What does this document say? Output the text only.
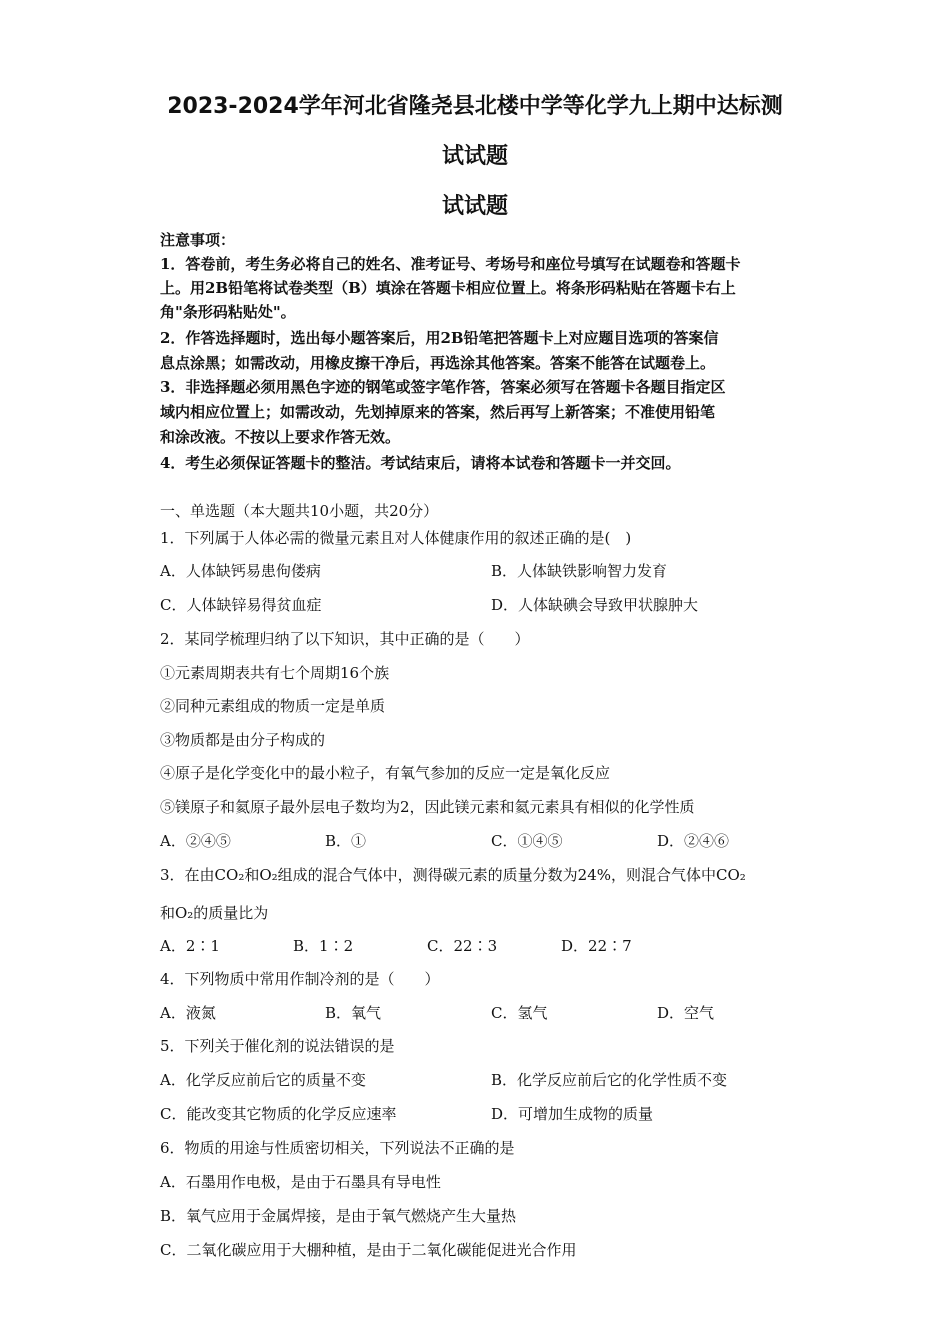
2023-2024学年河北省隆尧县北楼中学等化学九上期中达标测
试试题
试试题
注意事项：
1．答卷前，考生务必将自己的姓名、准考证号、考场号和座位号填写在试题卷和答题卡
上。用2B铅笔将试卷类型（B）填涂在答题卡相应位置上。将条形码粘贴在答题卡右上
角"条形码粘贴处"。
2．作答选择题时，选出每小题答案后，用2B铅笔把答题卡上对应题目选项的答案信
息点涂黑；如需改动，用橡皮擦干净后，再选涂其他答案。答案不能答在试题卷上。
3．非选择题必须用黑色字迹的钢笔或签字笔作答，答案必须写在答题卡各题目指定区
域内相应位置上；如需改动，先划掉原来的答案，然后再写上新答案；不准使用铅笔
和涂改液。不按以上要求作答无效。
4．考生必须保证答题卡的整洁。考试结束后，请将本试卷和答题卡一并交回。
一、单选题（本大题共10小题，共20分）
1．下列属于人体必需的微量元素且对人体健康作用的叙述正确的是(　)
A．人体缺钙易患佝偻病	B．人体缺铁影响智力发育
C．人体缺锌易得贫血症	D．人体缺碘会导致甲状腺肿大
2．某同学梳理归纳了以下知识，其中正确的是（　　）
①元素周期表共有七个周期16个族
②同种元素组成的物质一定是单质
③物质都是由分子构成的
④原子是化学变化中的最小粒子，有氧气参加的反应一定是氧化反应
⑤镁原子和氦原子最外层电子数均为2，因此镁元素和氦元素具有相似的化学性质
A．②④⑤	B．①	C．①④⑤	D．②④⑥
3．在由CO₂和O₂组成的混合气体中，测得碳元素的质量分数为24%，则混合气体中CO₂
和O₂的质量比为
A．2∶1	B．1∶2	C．22∶3	D．22∶7
4．下列物质中常用作制冷剂的是（　　）
A．液氮	B．氧气	C．氢气	D．空气
5．下列关于催化剂的说法错误的是
A．化学反应前后它的质量不变	B．化学反应前后它的化学性质不变
C．能改变其它物质的化学反应速率	D．可增加生成物的质量
6．物质的用途与性质密切相关，下列说法不正确的是
A．石墨用作电极，是由于石墨具有导电性
B．氧气应用于金属焊接，是由于氧气燃烧产生大量热
C．二氧化碳应用于大棚种植，是由于二氧化碳能促进光合作用
